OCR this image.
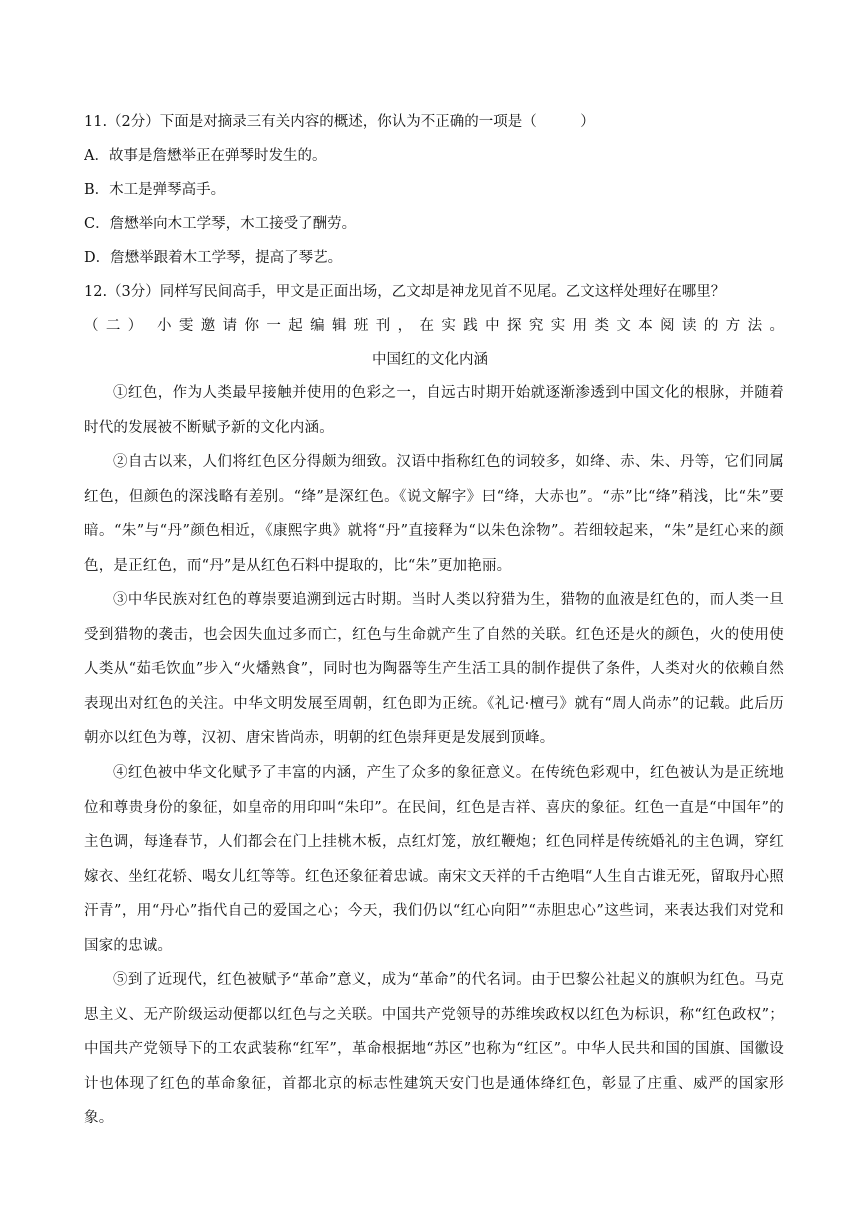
11.（2分）下面是对摘录三有关内容的概述，你认为不正确的一项是（　　　）
A．故事是詹懋举正在弹琴时发生的。
B．木工是弹琴高手。
C．詹懋举向木工学琴，木工接受了酬劳。
D．詹懋举跟着木工学琴，提高了琴艺。
12.（3分）同样写民间高手，甲文是正面出场，乙文却是神龙见首不见尾。乙文这样处理好在哪里？
（ 二 ） 小 雯 邀 请 你 一 起 编 辑 班 刊 ， 在 实 践 中 探 究 实 用 类 文 本 阅 读 的 方 法 。
中国红的文化内涵
①红色，作为人类最早接触并使用的色彩之一，自远古时期开始就逐渐渗透到中国文化的根脉，并随着时代的发展被不断赋予新的文化内涵。
②自古以来，人们将红色区分得颇为细致。汉语中指称红色的词较多，如绛、赤、朱、丹等，它们同属红色，但颜色的深浅略有差别。“绛”是深红色。《说文解字》曰“绛，大赤也”。“赤”比“绛”稍浅，比“朱”要暗。“朱”与“丹”颜色相近，《康熙字典》就将“丹”直接释为“以朱色涂物”。若细较起来，“朱”是红心来的颜色，是正红色，而“丹”是从红色石料中提取的，比“朱”更加艳丽。
③中华民族对红色的尊崇要追溯到远古时期。当时人类以狩猎为生，猎物的血液是红色的，而人类一旦受到猎物的袭击，也会因失血过多而亡，红色与生命就产生了自然的关联。红色还是火的颜色，火的使用使人类从“茹毛饮血”步入“火燔熟食”，同时也为陶器等生产生活工具的制作提供了条件，人类对火的依赖自然表现出对红色的关注。中华文明发展至周朝，红色即为正统。《礼记·檀弓》就有“周人尚赤”的记载。此后历朝亦以红色为尊，汉初、唐宋皆尚赤，明朝的红色崇拜更是发展到顶峰。
④红色被中华文化赋予了丰富的内涵，产生了众多的象征意义。在传统色彩观中，红色被认为是正统地位和尊贵身份的象征，如皇帝的用印叫“朱印”。在民间，红色是吉祥、喜庆的象征。红色一直是“中国年”的主色调，每逢春节，人们都会在门上挂桃木板，点红灯笼，放红鞭炮；红色同样是传统婚礼的主色调，穿红嫁衣、坐红花轿、喝女儿红等等。红色还象征着忠诚。南宋文天祥的千古绝唱“人生自古谁无死，留取丹心照汗青”，用“丹心”指代自己的爱国之心；今天，我们仍以“红心向阳”“赤胆忠心”这些词，来表达我们对党和国家的忠诚。
⑤到了近现代，红色被赋予“革命”意义，成为“革命”的代名词。由于巴黎公社起义的旗帜为红色。马克思主义、无产阶级运动便都以红色与之关联。中国共产党领导的苏维埃政权以红色为标识，称“红色政权”；中国共产党领导下的工农武装称“红军”，革命根据地“苏区”也称为“红区”。中华人民共和国的国旗、国徽设计也体现了红色的革命象征，首都北京的标志性建筑天安门也是通体绛红色，彰显了庄重、威严的国家形象。
